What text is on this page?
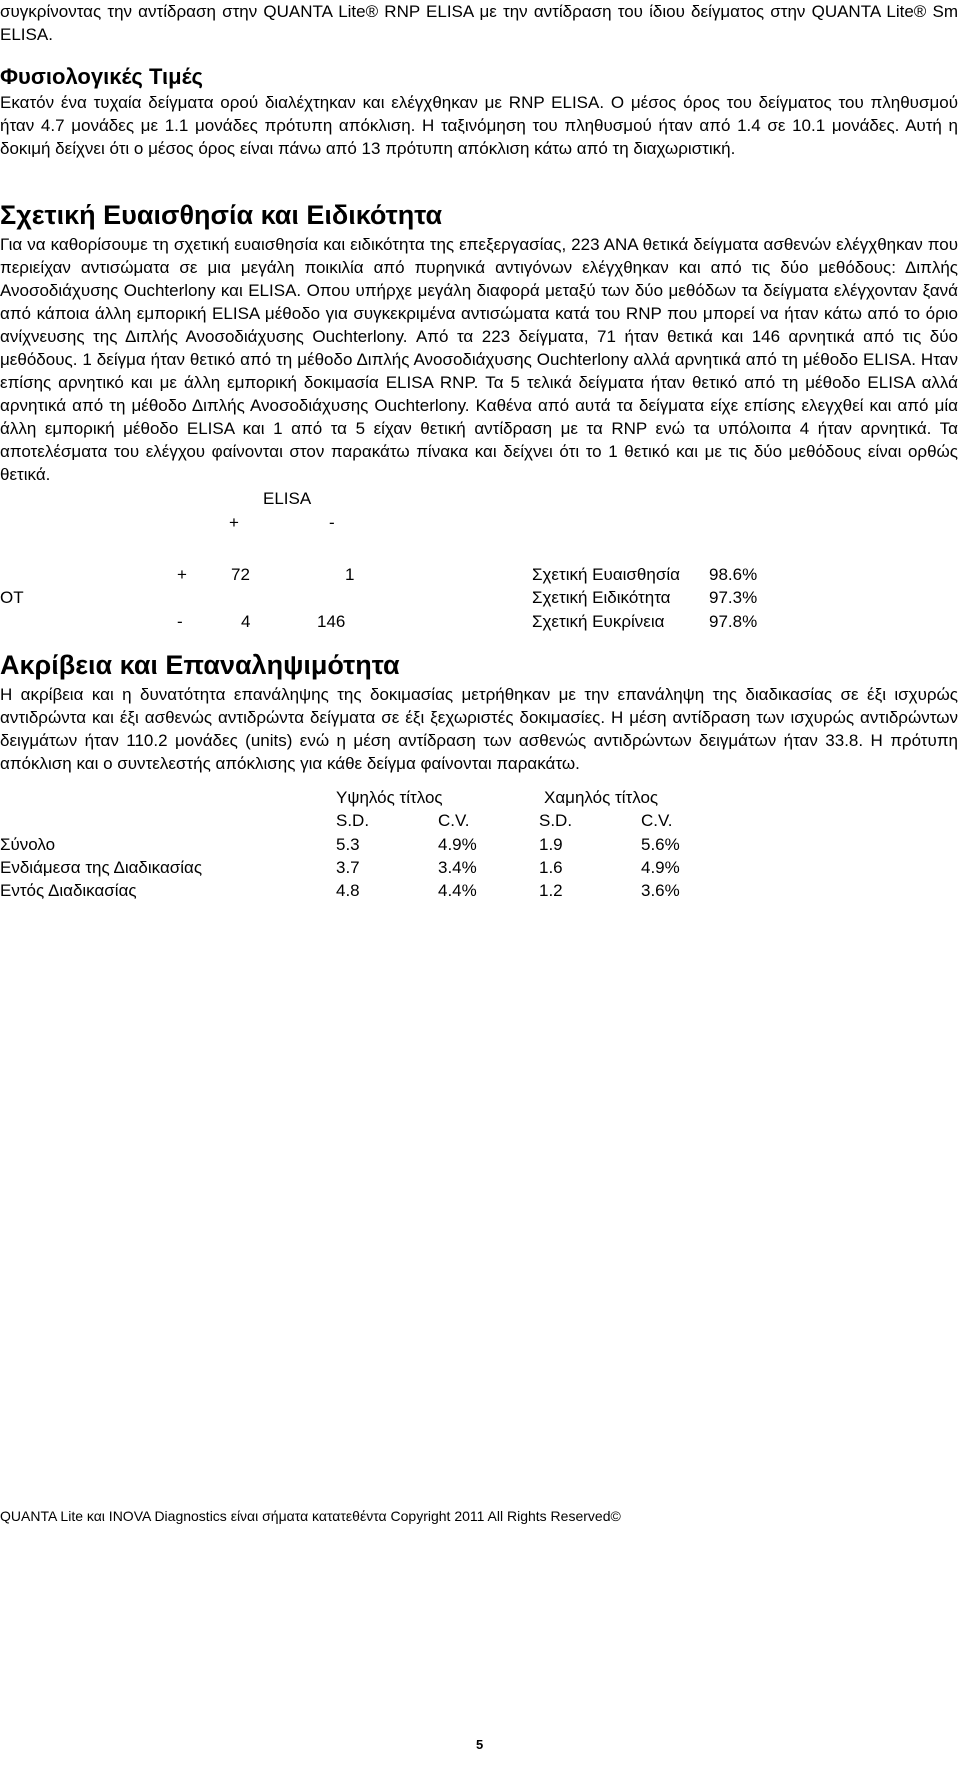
συγκρίνοντας την αντίδραση στην QUANTA Lite® RNP ELISA με την αντίδραση του ίδιου δείγματος στην QUANTA Lite® Sm ELISA.

Φυσιολογικές Τιμές

Εκατόν ένα τυχαία δείγματα ορού διαλέχτηκαν και ελέγχθηκαν με RNP ELISA. Ο μέσος όρος του δείγματος του πληθυσμού ήταν 4.7 μονάδες με 1.1 μονάδες πρότυπη απόκλιση. Η ταξινόμηση του πληθυσμού ήταν από 1.4 σε 10.1 μονάδες. Αυτή η δοκιμή δείχνει ότι ο μέσος όρος είναι πάνω από 13 πρότυπη απόκλιση κάτω από τη διαχωριστική.

Σχετική Ευαισθησία και Ειδικότητα

Για να καθορίσουμε τη σχετική ευαισθησία και ειδικότητα της επεξεργασίας, 223 ΑΝΑ θετικά δείγματα ασθενών ελέγχθηκαν που περιείχαν αντισώματα σε μια μεγάλη ποικιλία από πυρηνικά αντιγόνων ελέγχθηκαν και από τις δύο μεθόδους: Διπλής Ανοσοδιάχυσης Ouchterlony και ELISA. Οπου υπήρχε μεγάλη διαφορά μεταξύ των δύο μεθόδων τα δείγματα ελέγχονταν ξανά από κάποια άλλη εμπορική ELISA μέθοδο για συγκεκριμένα αντισώματα κατά του RNP που μπορεί να ήταν κάτω από το όριο ανίχνευσης της Διπλής Ανοσοδιάχυσης Ouchterlony. Από τα 223 δείγματα, 71 ήταν θετικά και 146 αρνητικά από τις δύο μεθόδους. 1 δείγμα ήταν θετικό από τη μέθοδο Διπλής Ανοσοδιάχυσης Ouchterlony αλλά αρνητικά από τη μέθοδο ELISA. Ηταν επίσης αρνητικό και με άλλη εμπορική δοκιμασία ELISA RNP. Τα 5 τελικά δείγματα ήταν θετικό από τη μέθοδο ELISA αλλά αρνητικά από τη μέθοδο Διπλής Ανοσοδιάχυσης Ouchterlony. Καθένα από αυτά τα δείγματα είχε επίσης ελεγχθεί και από μία άλλη εμπορική μέθοδο ELISA και 1 από τα 5 είχαν θετική αντίδραση με τα RNP ενώ τα υπόλοιπα 4 ήταν αρνητικά. Τα αποτελέσματα του ελέγχου φαίνονται στον παρακάτω πίνακα και δείχνει ότι το 1 θετικό και με τις δύο μεθόδους είναι ορθώς θετικά.

ELISA
+	-
+	72	1
OT
-	4	146
Σχετική Ευαισθησία 98.6%
Σχετική Ειδικότητα 97.3%
Σχετική Ευκρίνεια	97.8%
Ακρίβεια και Επαναληψιμότητα

Η ακρίβεια και η δυνατότητα επανάληψης της δοκιμασίας μετρήθηκαν με την επανάληψη της διαδικασίας σε έξι ισχυρώς αντιδρώντα και έξι ασθενώς αντιδρώντα δείγματα σε έξι ξεχωριστές δοκιμασίες. Η μέση αντίδραση των ισχυρώς αντιδρώντων δειγμάτων ήταν 110.2 μονάδες (units) ενώ η μέση αντίδραση των ασθενώς αντιδρώντων δειγμάτων ήταν 33.8. Η πρότυπη απόκλιση και ο συντελεστής απόκλισης για κάθε δείγμα φαίνονται παρακάτω.

Υψηλός τίτλος	Χαμηλός τίτλος
S.D.	C.V.	S.D.	C.V.
Σύνολο	5.3	4.9%	1.9	5.6%
Ενδιάμεσα της Διαδικασίας	3.7	3.4%	1.6	4.9%
Εντός Διαδικασίας	4.8	4.4%	1.2	3.6%
QUANTA Lite και INOVA Diagnostics είναι σήματα κατατεθέντα Copyright 2011 All Rights Reserved©
5
